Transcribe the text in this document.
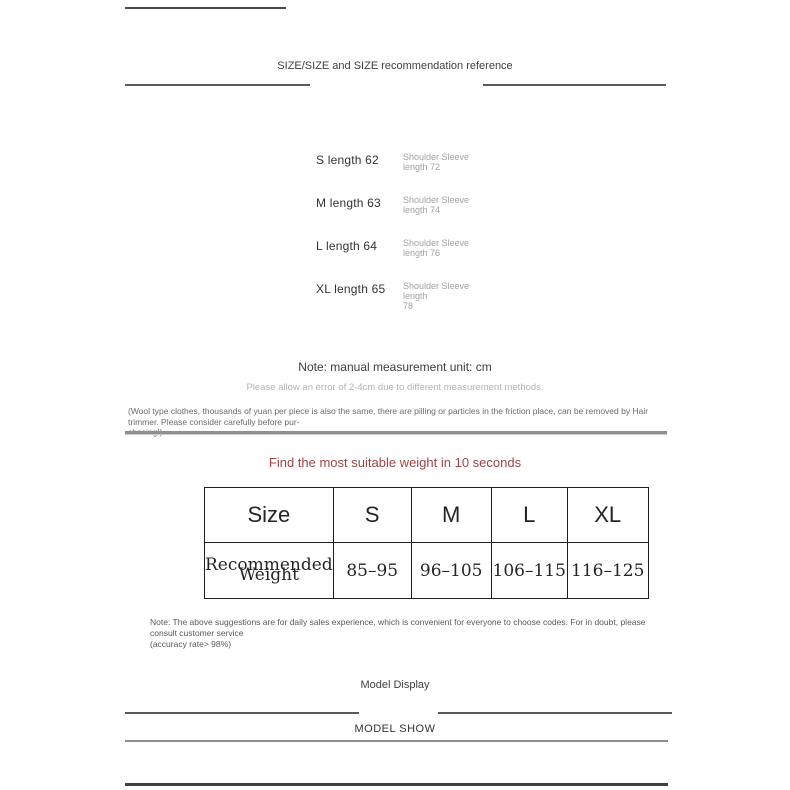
SIZE/SIZE and SIZE recommendation reference
S length 62	Shoulder Sleeve length 72
M length 63 Shoulder Sleeve length 74
L length 64	Shoulder Sleeve length 76
XL length 65 Shoulder Sleeve length
78
Note: manual measurement unit: cm
Please allow an error of 2-4cm due to different measurement methods.
(Wool type clothes, thousands of yuan per piece is also the same, there are pilling or particles in the friction place, can be removed by Hair trimmer. Please consider carefully before pur-
Find the most suitable weight in 10 seconds
Size	S	M	L	XL
Recommended Weight	85–95	96–105	106–115	116–125
Note: The above suggestions are for daily sales experience, which is convenient for everyone to choose codes. For in doubt, please consult customer service
(accuracy rate> 98%)
Model Display
MODEL SHOW
